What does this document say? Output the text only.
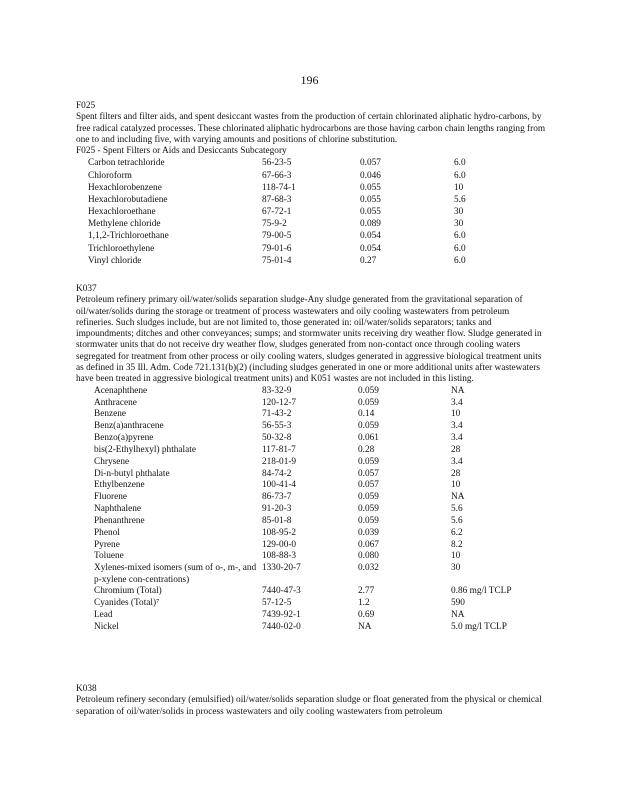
196
F025

Spent filters and filter aids, and spent desiccant wastes from the production of certain chlorinated aliphatic hydro-carbons, by free radical catalyzed processes. These chlorinated aliphatic hydrocarbons are those having carbon chain lengths ranging from one to and including five, with varying amounts and positions of chlorine substitution.

F025 - Spent Filters or Aids and Desiccants Subcategory
Carbon tetrachloride	56-23-5	0.057	6.0
Chloroform	67-66-3	0.046	6.0
Hexachlorobenzene	118-74-1	0.055	10
Hexachlorobutadiene	87-68-3	0.055	5.6
Hexachloroethane	67-72-1	0.055	30
Methylene chloride	75-9-2	0.089	30
1,1,2-Trichloroethane	79-00-5	0.054	6.0
Trichloroethylene	79-01-6	0.054	6.0
Vinyl chloride	75-01-4	0.27	6.0
K037

Petroleum refinery primary oil/water/solids separation sludge-Any sludge generated from the gravitational separation of oil/water/solids during the storage or treatment of process wastewaters and oily cooling wastewaters from petroleum refineries. Such sludges include, but are not limited to, those generated in: oil/water/solids separators; tanks and impoundments; ditches and other conveyances; sumps; and stormwater units receiving dry weather flow. Sludge generated in stormwater units that do not receive dry weather flow, sludges generated from non-contact once through cooling waters segregated for treatment from other process or oily cooling waters, sludges generated in aggressive biological treatment units as defined in 35 Ill. Adm. Code 721.131(b)(2) (including sludges generated in one or more additional units after wastewaters have been treated in aggressive biological treatment units) and K051 wastes are not included in this listing.

Acenaphthene	83-32-9	0.059	NA
Anthracene	120-12-7	0.059	3.4
Benzene	71-43-2	0.14	10
Benz(a)anthracene	56-55-3	0.059	3.4
Benzo(a)pyrene	50-32-8	0.061	3.4
bis(2-Ethylhexyl) phthalate	117-81-7	0.28	28
Chrysene	218-01-9	0.059	3.4
Di-n-butyl phthalate	84-74-2	0.057	28
Ethylbenzene	100-41-4	0.057	10
Fluorene	86-73-7	0.059	NA
Naphthalene	91-20-3	0.059	5.6
Phenanthrene	85-01-8	0.059	5.6
Phenol	108-95-2	0.039	6.2
Pyrene	129-00-0	0.067	8.2
Toluene	108-88-3	0.080	10
Xylenes-mixed isomers (sum of o-, m-, and p-xylene con-centrations)	1330-20-7	0.032	30
Chromium (Total)	7440-47-3	2.77	0.86 mg/l TCLP
Cyanides (Total)⁷	57-12-5	1.2	590
Lead	7439-92-1	0.69	NA
Nickel	7440-02-0	NA	5.0 mg/l TCLP
K038

Petroleum refinery secondary (emulsified) oil/water/solids separation sludge or float generated from the physical or chemical separation of oil/water/solids in process wastewaters and oily cooling wastewaters from petroleum
